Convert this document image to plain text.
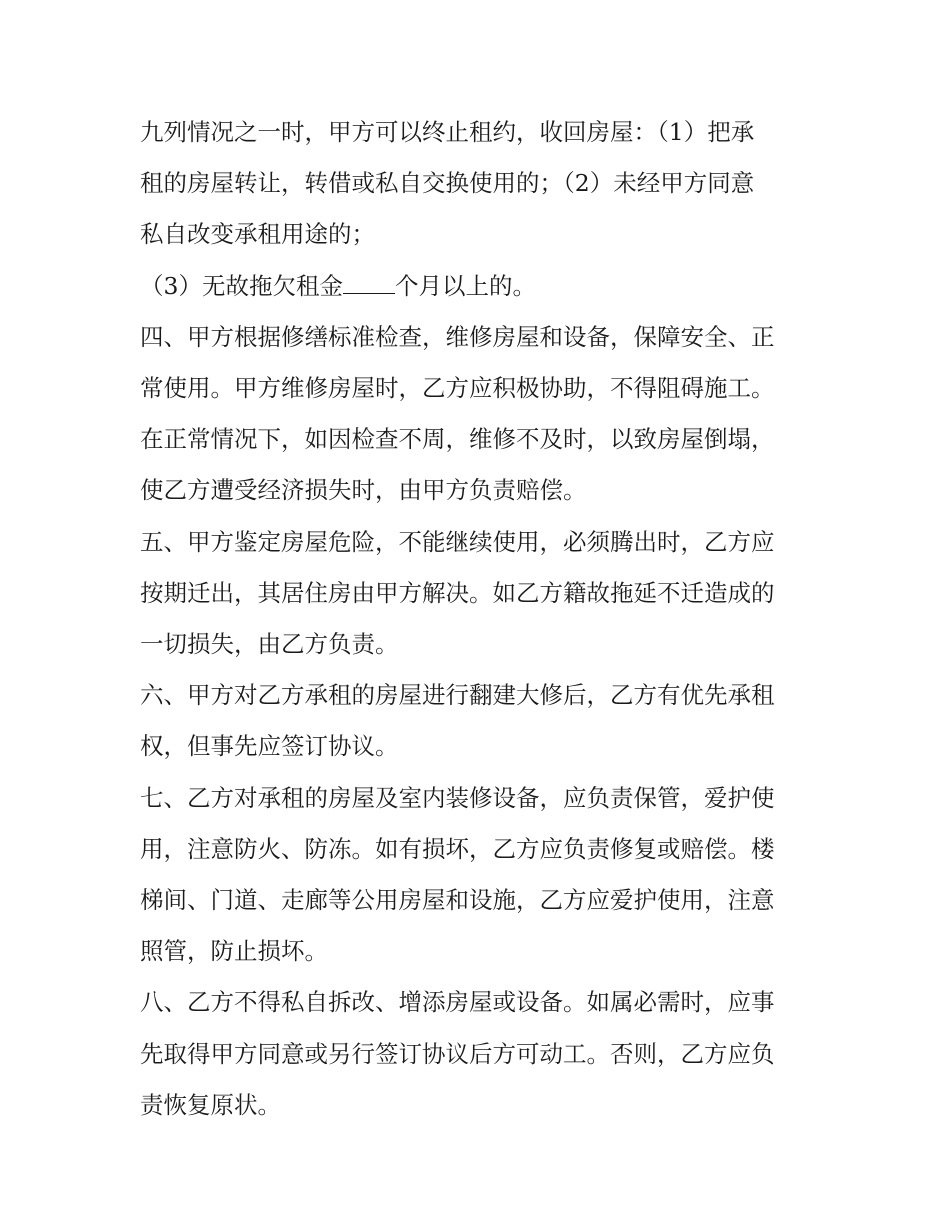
九列情况之一时，甲方可以终止租约，收回房屋：（1）把承
租的房屋转让，转借或私自交换使用的；（2）未经甲方同意
私自改变承租用途的；
（3）无故拖欠租金 个月以上的。
四、甲方根据修缮标准检查，维修房屋和设备，保障安全、正
常使用。甲方维修房屋时，乙方应积极协助，不得阻碍施工。
在正常情况下，如因检查不周，维修不及时，以致房屋倒塌，
使乙方遭受经济损失时，由甲方负责赔偿。
五、甲方鉴定房屋危险，不能继续使用，必须腾出时，乙方应
按期迁出，其居住房由甲方解决。如乙方籍故拖延不迁造成的
一切损失，由乙方负责。
六、甲方对乙方承租的房屋进行翻建大修后，乙方有优先承租
权，但事先应签订协议。
七、乙方对承租的房屋及室内装修设备，应负责保管，爱护使
用，注意防火、防冻。如有损坏，乙方应负责修复或赔偿。楼
梯间、门道、走廊等公用房屋和设施，乙方应爱护使用，注意
照管，防止损坏。
八、乙方不得私自拆改、增添房屋或设备。如属必需时，应事
先取得甲方同意或另行签订协议后方可动工。否则，乙方应负
责恢复原状。
